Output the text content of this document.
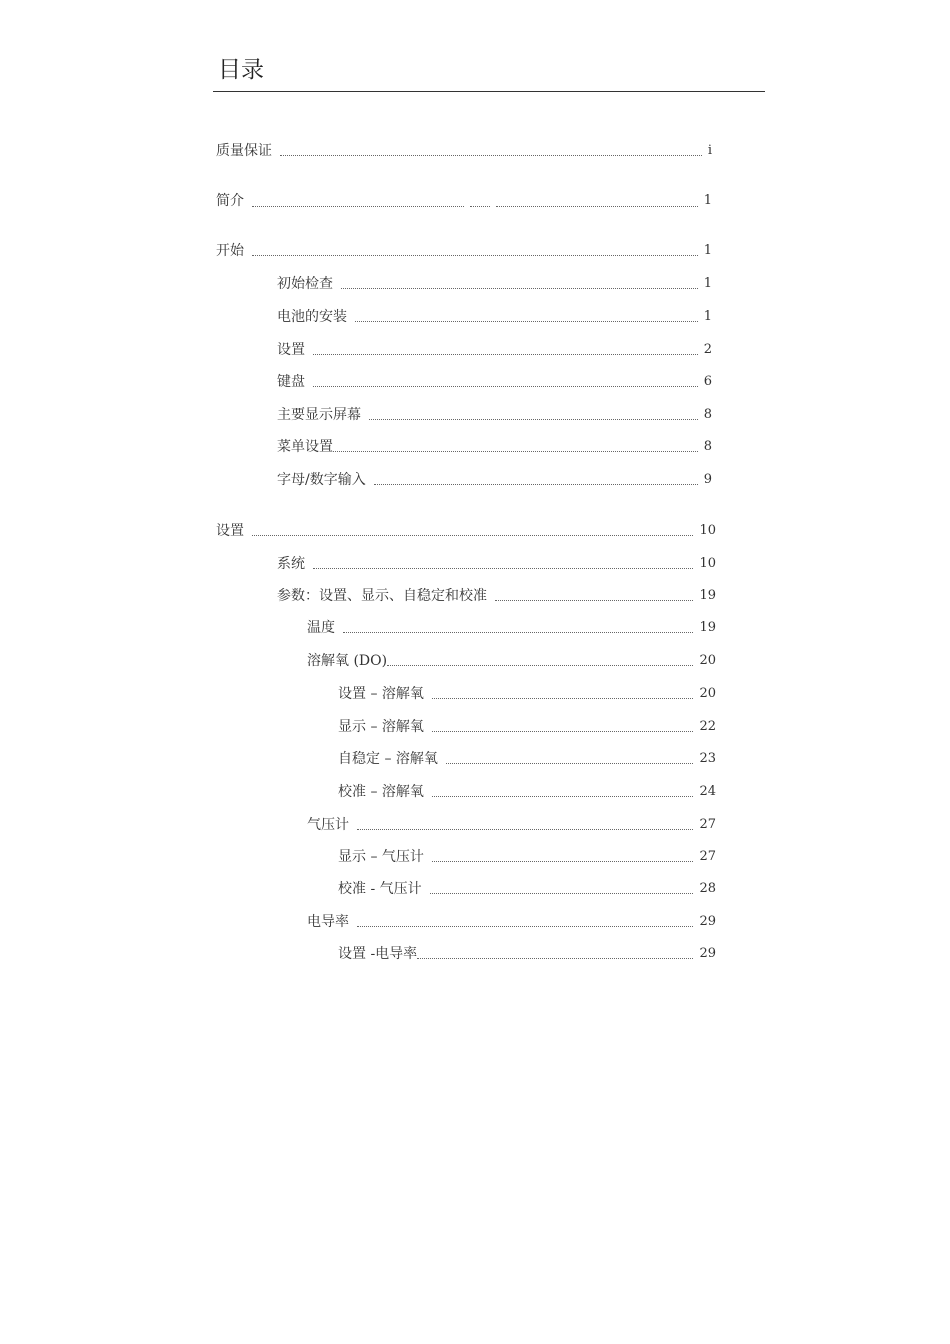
目录
质量保证	i
简介	1
开始	1
初始检查	1
电池的安装	1
设置	2
键盘	6
主要显示屏幕	8
菜单设置	8
字母/数字输入	9
设置	10
系统	10
参数：设置、显示、自稳定和校准	19
温度	19
溶解氧 (DO)	20
设置 – 溶解氧	20
显示 – 溶解氧	22
自稳定 – 溶解氧	23
校准 – 溶解氧	24
气压计	27
显示 – 气压计	27
校准 - 气压计	28
电导率	29
设置 -电导率	29
